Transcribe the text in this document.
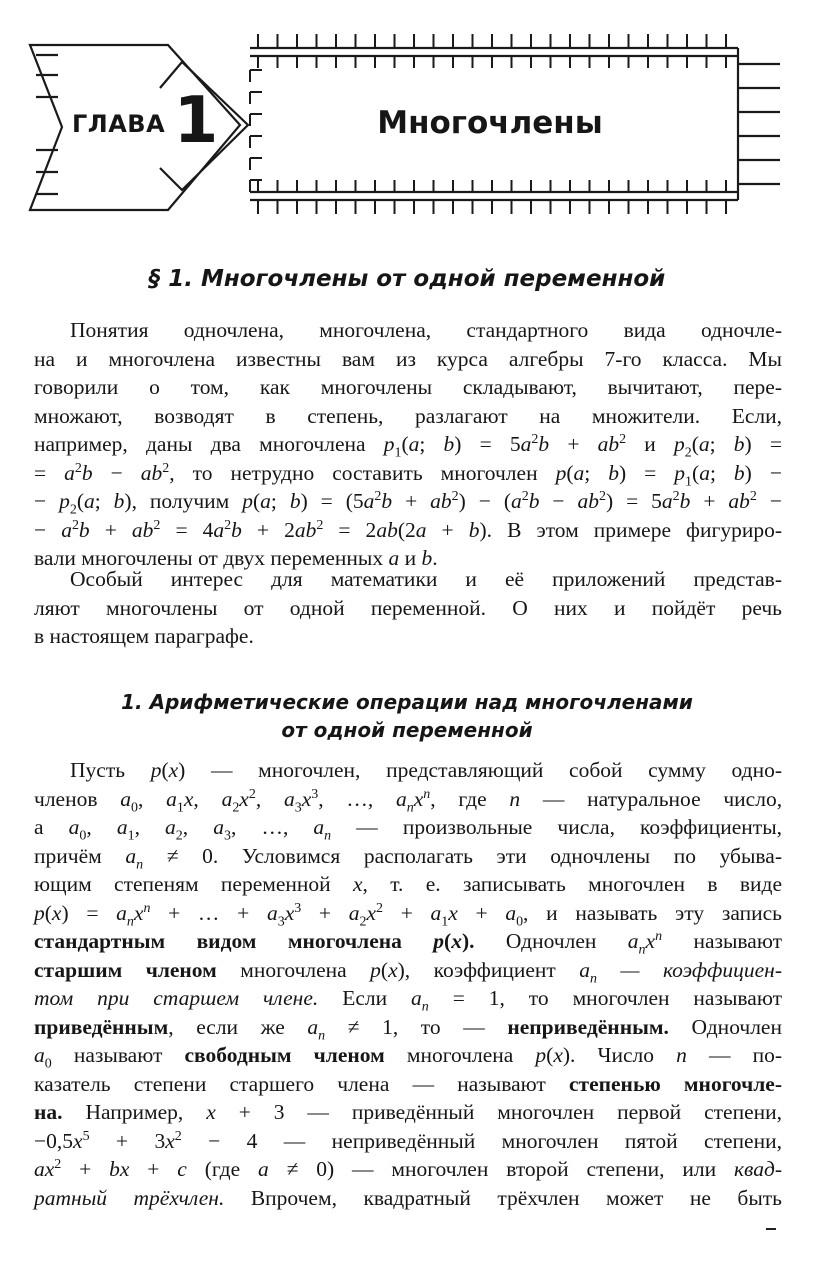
ГЛАВА 1	Многочлены
§ 1. Многочлены от одной переменной
Понятия одночлена, многочлена, стандартного вида одночле-
на и многочлена известны вам из курса алгебры 7-го класса. Мы
говорили о том, как многочлены складывают, вычитают, пере-
множают, возводят в степень, разлагают на множители. Если,
например, даны два многочлена $p_1(a$; $b) = 5a^2b + ab^2$ и $p_2(a$; b) =
= $a^2b - ab^2$, то нетрудно составить многочлен p(a; $b) = p_1(a$; b) −
− $p_2(a$; b), получим p(a; $b) = (5a^2b + ab^2) - (a^2b - ab^2) = 5a^2b + ab^2$ −
− $a^2b + ab^2 = 4a^2b + 2ab^2 = 2ab(2a + b)$. В этом примере фигуриро-
вали многочлены от двух переменных a и b.
Особый интерес для математики и её приложений представ-
ляют многочлены от одной переменной. О них и пойдёт речь
в настоящем параграфе.
1. Арифметические операции над многочленами
от одной переменной
Пусть p(x) — многочлен, представляющий собой сумму одно-
членов $a_0$, $a_1x$, $a_2x^2$, $a_3x^3$, …, $a_nx^n$, где n — натуральное число,
а $a_0$, $a_1$, $a_2$, $a_3$, …, $a_n$ — произвольные числа, коэффициенты,
причём $a_n \ne 0$. Условимся располагать эти одночлены по убыва-
ющим степеням переменной x, т. е. записывать многочлен в виде
$p(x) = a_nx^n$ + … + $a_3x^3 + a_2x^2 + a_1x + a_0$, и называть эту запись
стандартным видом многочлена p(x). Одночлен $a_nx^n$ называют
старшим членом многочлена p(x), коэффициент $a_n$ — коэффициен-
том при старшем члене. Если $a_n = 1$, то многочлен называют
приведённым, если же $a_n \ne 1$, то — неприведённым. Одночлен
$a_0$ называют свободным членом многочлена p(x). Число n — по-
казатель степени старшего члена — называют степенью многочле-
на. Например, x + 3 — приведённый многочлен первой степени,
$-0,5x^5 + 3x^2 - 4$ — неприведённый многочлен пятой степени,
$ax^2$ + bx + c (где a ≠ 0) — многочлен второй степени, или квад-
ратный трёхчлен. Впрочем, квадратный трёхчлен может не быть
